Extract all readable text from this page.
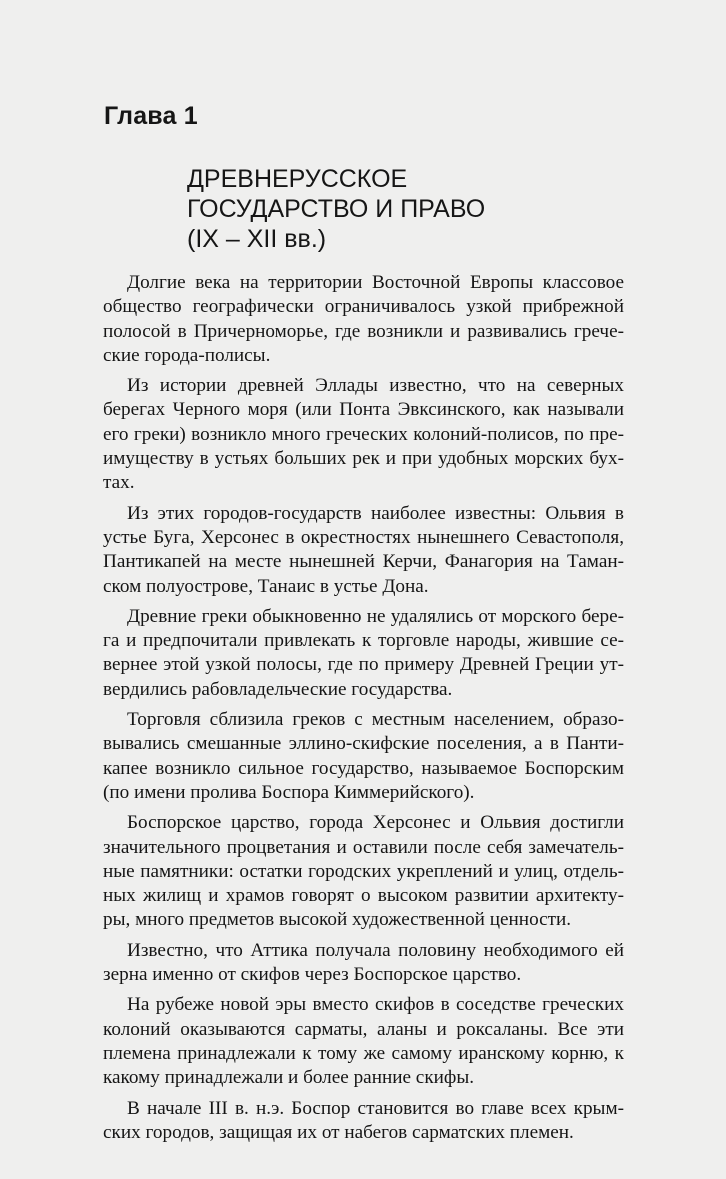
Глава 1
ДРЕВНЕРУССКОЕ
ГОСУДАРСТВО И ПРАВО
(IX – XII вв.)

Долгие века на территории Восточной Европы классовое общество географически ограничивалось узкой прибрежной полосой в Причерноморье, где возникли и развивались греческие города-полисы.

Из истории древней Эллады известно, что на северных берегах Черного моря (или Понта Эвксинского, как называли его греки) возникло много греческих колоний-полисов, по преимуществу в устьях больших рек и при удобных морских бухтах.

Из этих городов-государств наиболее известны: Ольвия в устье Буга, Херсонес в окрестностях нынешнего Севастополя, Пантикапей на месте нынешней Керчи, Фанагория на Таманском полуострове, Танаис в устье Дона.

Древние греки обыкновенно не удалялись от морского берега и предпочитали привлекать к торговле народы, жившие севернее этой узкой полосы, где по примеру Древней Греции утвердились рабовладельческие государства.

Торговля сблизила греков с местным населением, образовывались смешанные эллино-скифские поселения, а в Пантикапее возникло сильное государство, называемое Боспорским (по имени пролива Боспора Киммерийского).

Боспорское царство, города Херсонес и Ольвия достигли значительного процветания и оставили после себя замечательные памятники: остатки городских укреплений и улиц, отдельных жилищ и храмов говорят о высоком развитии архитектуры, много предметов высокой художественной ценности.

Известно, что Аттика получала половину необходимого ей зерна именно от скифов через Боспорское царство.

На рубеже новой эры вместо скифов в соседстве греческих колоний оказываются сарматы, аланы и роксаланы. Все эти племена принадлежали к тому же самому иранскому корню, к какому принадлежали и более ранние скифы.

В начале III в. н.э. Боспор становится во главе всех крымских городов, защищая их от набегов сарматских племен.
